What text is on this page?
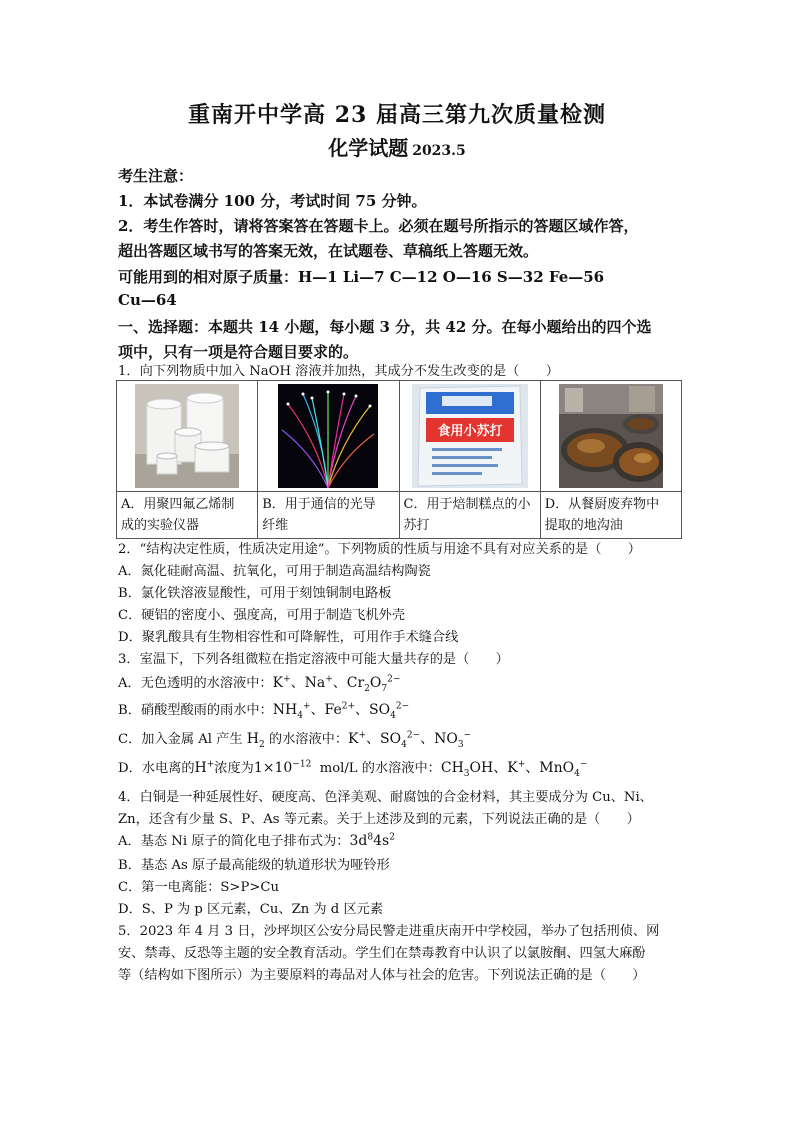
重南开中学高 23 届高三第九次质量检测
化学试题 2023.5
考生注意：
1．本试卷满分 100 分，考试时间 75 分钟。
2．考生作答时，请将答案答在答题卡上。必须在题号所指示的答题区域作答，
超出答题区域书写的答案无效，在试题卷、草稿纸上答题无效。
可能用到的相对原子质量：H—1 Li—7 C—12 O—16 S—32 Fe—56
Cu—64
一、选择题：本题共 14 小题，每小题 3 分，共 42 分。在每小题给出的四个选
项中，只有一项是符合题目要求的。
1．向下列物质中加入 NaOH 溶液并加热，其成分不发生改变的是（　　）

食用小苏打

A．用聚四氟乙烯制
成的实验仪器	B．用于通信的光导
纤维	C．用于焙制糕点的小
苏打	D．从餐厨废弃物中
提取的地沟油
2．“结构决定性质，性质决定用途”。下列物质的性质与用途不具有对应关系的是（　　）
A．氮化硅耐高温、抗氧化，可用于制造高温结构陶瓷
B．氯化铁溶液显酸性，可用于刻蚀铜制电路板
C．硬铝的密度小、强度高，可用于制造飞机外壳
D．聚乳酸具有生物相容性和可降解性，可用作手术缝合线
3．室温下，下列各组微粒在指定溶液中可能大量共存的是（　　）
A．无色透明的水溶液中：K+、Na+、$Cr_2O_7^{2-}$
B．硝酸型酸雨的雨水中：$NH_4^+$、$Fe^{2+}$、$SO_4^{2-}$
C．加入金属 Al 产生 $H_2$ 的水溶液中：K+、$SO_4^{2-}$、$NO_3^-$
D．水电离的H+浓度为$1\times 10^{-12}$ mol/L 的水溶液中：$CH_3OH$、K+、MnO$_4$−
4．白铜是一种延展性好、硬度高、色泽美观、耐腐蚀的合金材料，其主要成分为 Cu、Ni、
Zn，还含有少量 S、P、As 等元素。关于上述涉及到的元素，下列说法正确的是（　　）
A．基态 Ni 原子的简化电子排布式为：$3d^84s^2$
B．基态 As 原子最高能级的轨道形状为哑铃形
C．第一电离能：S>P>Cu
D．S、P 为 p 区元素，Cu、Zn 为 d 区元素
5．2023 年 4 月 3 日，沙坪坝区公安分局民警走进重庆南开中学校园，举办了包括刑侦、网
安、禁毒、反恐等主题的安全教育活动。学生们在禁毒教育中认识了以氯胺酮、四氢大麻酚
等（结构如下图所示）为主要原料的毒品对人体与社会的危害。下列说法正确的是（　　）
